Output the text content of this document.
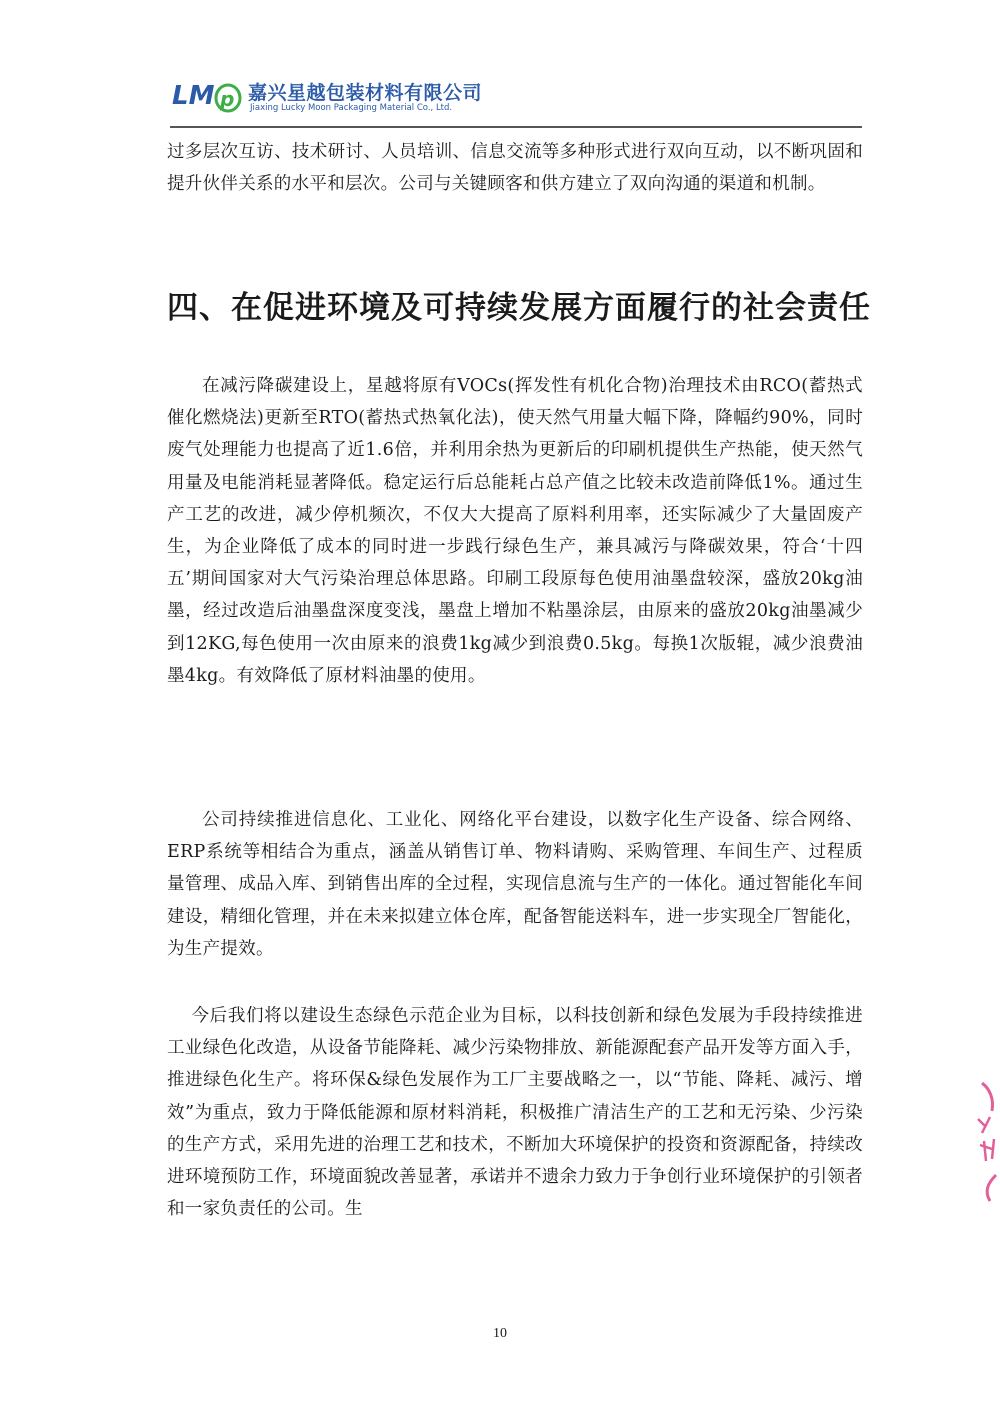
LM p 嘉兴星越包装材料有限公司
Jiaxing Lucky Moon Packaging Material Co., Ltd.

过多层次互访、技术研讨、人员培训、信息交流等多种形式进行双向互动，以不断巩固和提升伙伴关系的水平和层次。公司与关键顾客和供方建立了双向沟通的渠道和机制。

四、在促进环境及可持续发展方面履行的社会责任

在减污降碳建设上，星越将原有VOCs(挥发性有机化合物)治理技术由RCO(蓄热式催化燃烧法)更新至RTO(蓄热式热氧化法)，使天然气用量大幅下降，降幅约90%，同时废气处理能力也提高了近1.6倍，并利用余热为更新后的印刷机提供生产热能，使天然气用量及电能消耗显著降低。稳定运行后总能耗占总产值之比较未改造前降低1%。通过生产工艺的改进，减少停机频次，不仅大大提高了原料利用率，还实际减少了大量固废产生，为企业降低了成本的同时进一步践行绿色生产，兼具减污与降碳效果，符合‘十四五’期间国家对大气污染治理总体思路。印刷工段原每色使用油墨盘较深，盛放20kg油墨，经过改造后油墨盘深度变浅，墨盘上增加不粘墨涂层，由原来的盛放20kg油墨减少到12KG,每色使用一次由原来的浪费1kg减少到浪费0.5kg。每换1次版辊，减少浪费油墨4kg。有效降低了原材料油墨的使用。

公司持续推进信息化、工业化、网络化平台建设，以数字化生产设备、综合网络、ERP系统等相结合为重点，涵盖从销售订单、物料请购、采购管理、车间生产、过程质量管理、成品入库、到销售出库的全过程，实现信息流与生产的一体化。通过智能化车间建设，精细化管理，并在未来拟建立体仓库，配备智能送料车，进一步实现全厂智能化，为生产提效。

今后我们将以建设生态绿色示范企业为目标，以科技创新和绿色发展为手段持续推进工业绿色化改造，从设备节能降耗、减少污染物排放、新能源配套产品开发等方面入手，推进绿色化生产。将环保&绿色发展作为工厂主要战略之一，以“节能、降耗、减污、增效”为重点，致力于降低能源和原材料消耗，积极推广清洁生产的工艺和无污染、少污染的生产方式，采用先进的治理工艺和技术，不断加大环境保护的投资和资源配备，持续改进环境预防工作，环境面貌改善显著，承诺并不遗余力致力于争创行业环境保护的引领者和一家负责任的公司。生

10
